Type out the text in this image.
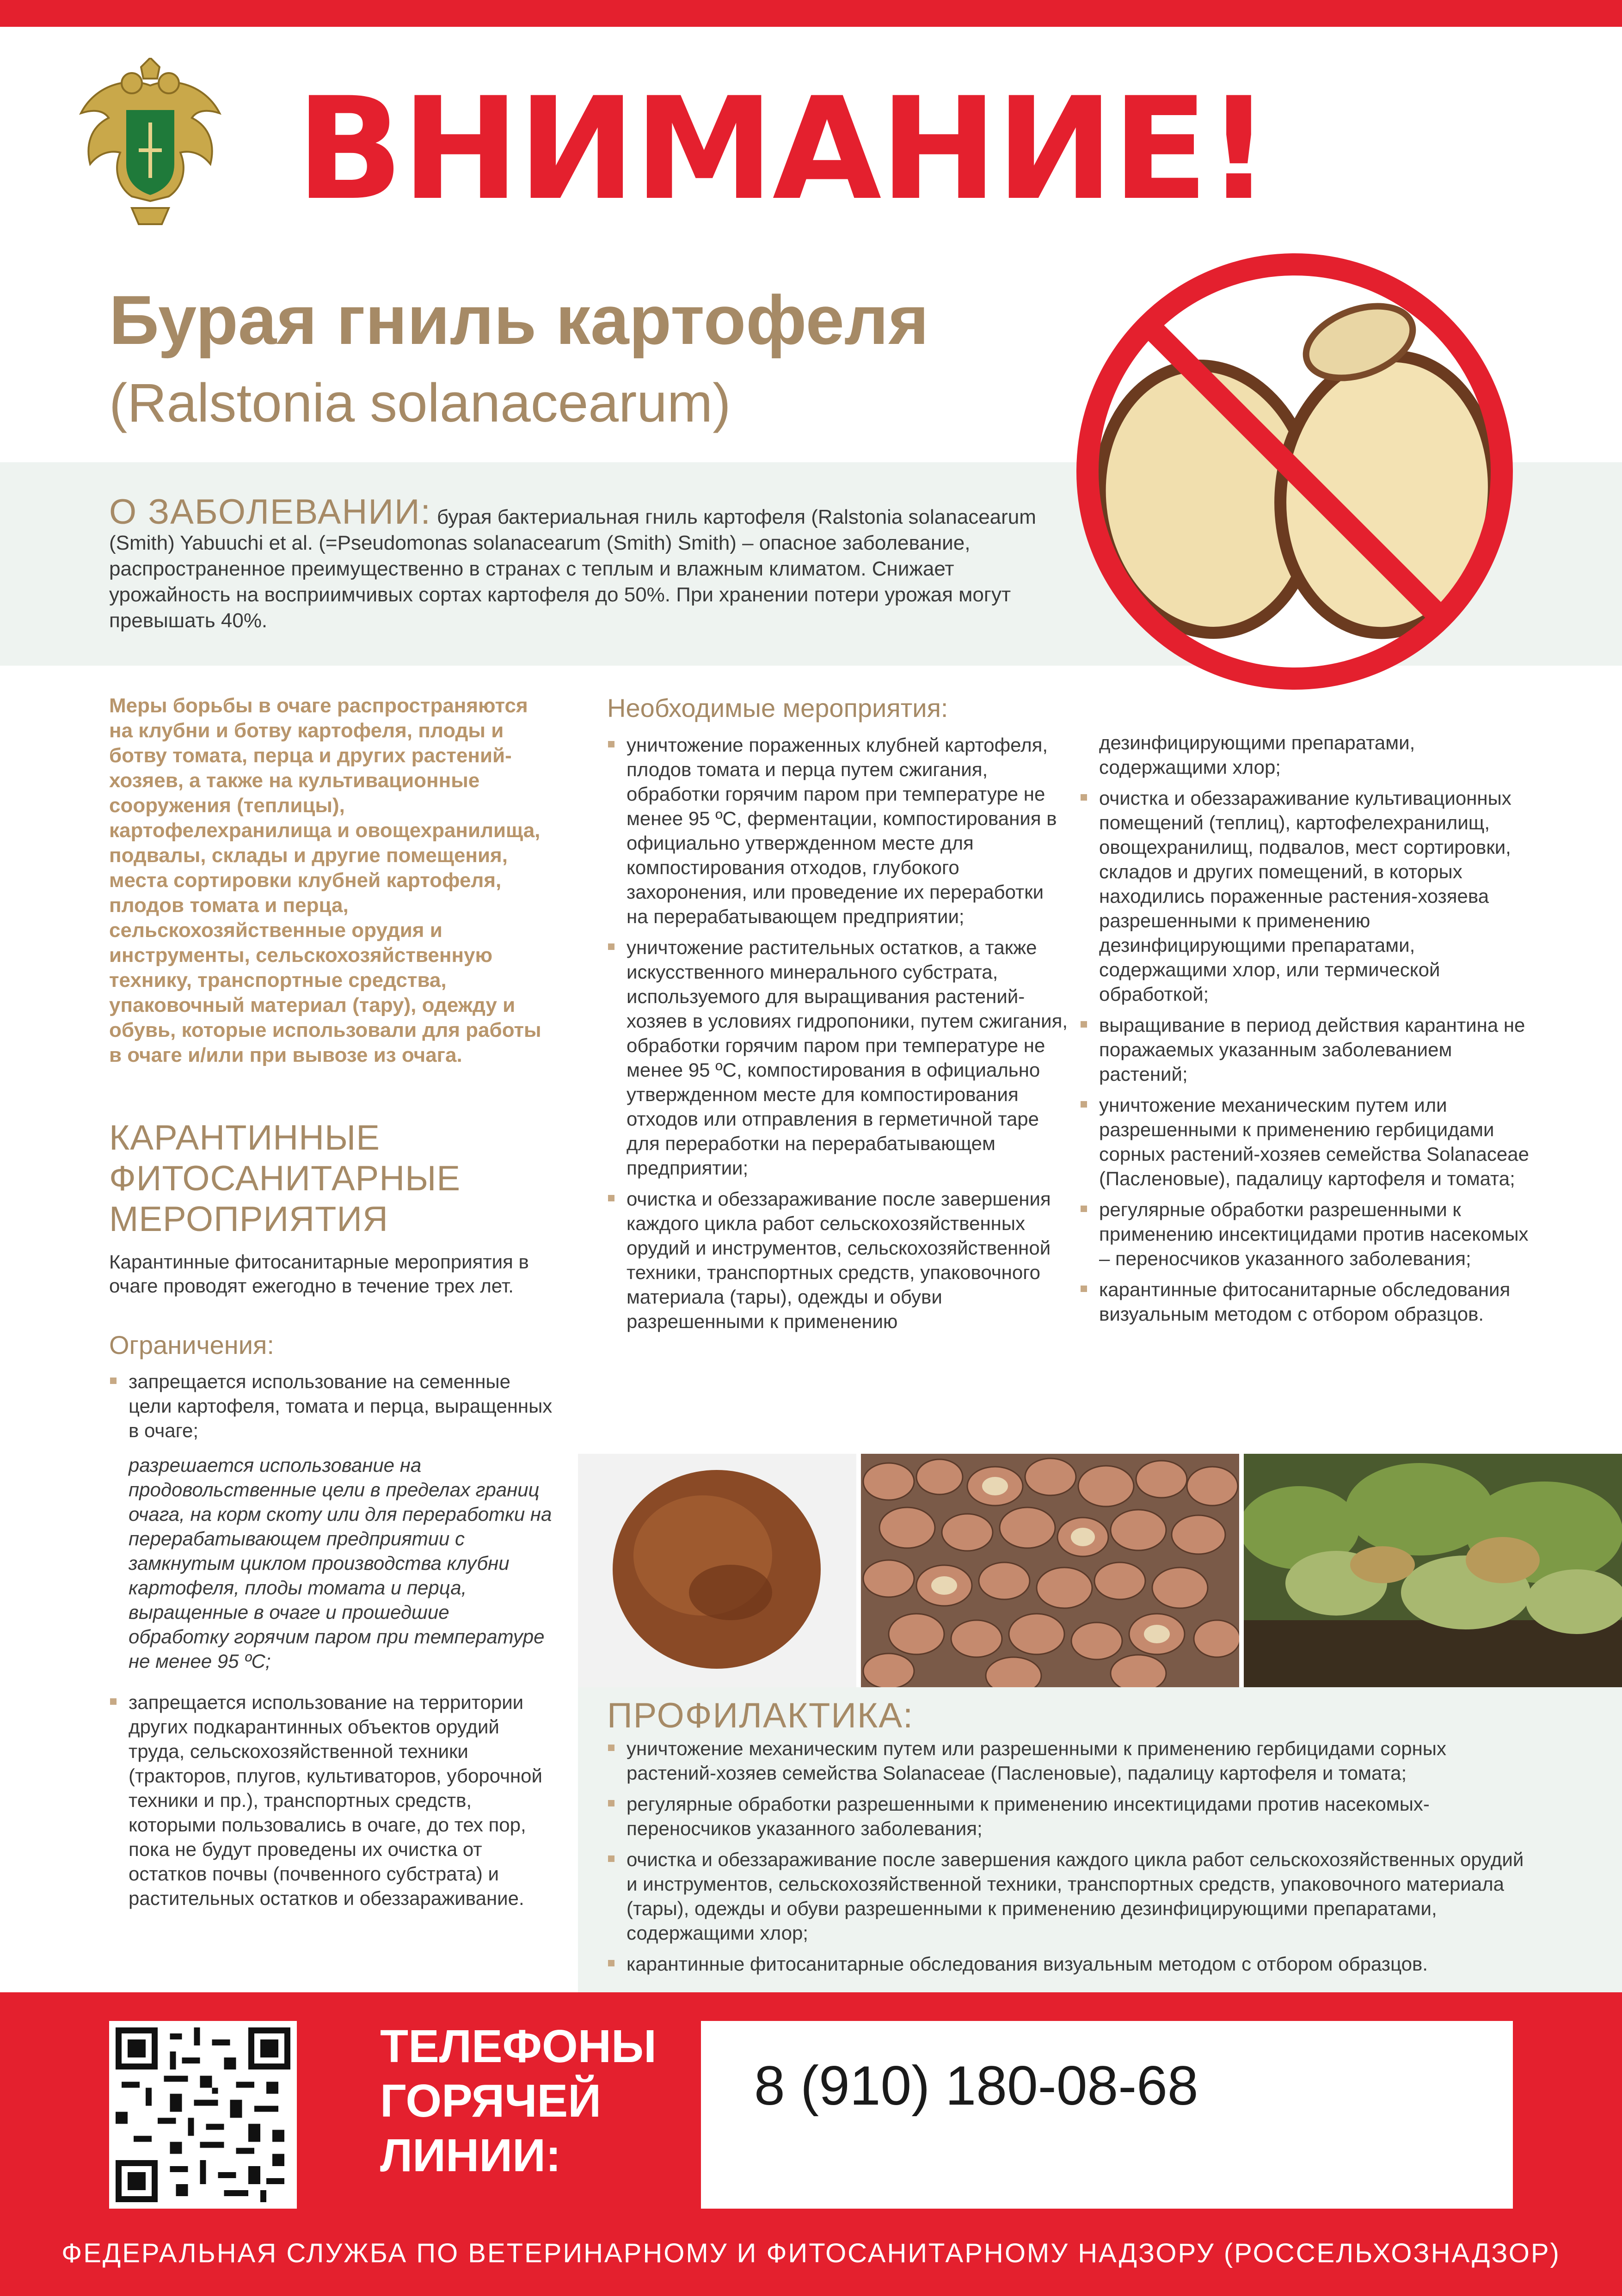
ВНИМАНИЕ!
Бурая гниль картофеля
(Ralstonia solanacearum)
О ЗАБОЛЕВАНИИ: бурая бактериальная гниль картофеля (Ralstonia solanacearum (Smith) Yabuuchi et al. (=Pseudomonas solanacearum (Smith) Smith) – опасное заболевание, распространенное преимущественно в странах с теплым и влажным климатом. Снижает урожайность на восприимчивых сортах картофеля до 50%. При хранении потери урожая могут превышать 40%.
Меры борьбы в очаге распространяются на клубни и ботву картофеля, плоды и ботву томата, перца и других растений-хозяев, а также на культивационные сооружения (теплицы), картофелехранилища и овощехранилища, подвалы, склады и другие помещения, места сортировки клубней картофеля, плодов томата и перца, сельскохозяйственные орудия и инструменты, сельскохозяйственную технику, транспортные средства, упаковочный материал (тару), одежду и обувь, которые использовали для работы в очаге и/или при вывозе из очага.
КАРАНТИННЫЕ ФИТОСАНИТАРНЫЕ МЕРОПРИЯТИЯ
Карантинные фитосанитарные мероприятия в очаге проводят ежегодно в течение трех лет.
Ограничения:
запрещается использование на семенные цели картофеля, томата и перца, выращенных в очаге;
разрешается использование на продовольственные цели в пределах границ очага, на корм скоту или для переработки на перерабатывающем предприятии с замкнутым циклом производства клубни картофеля, плоды томата и перца, выращенные в очаге и прошедшие обработку горячим паром при температуре не менее 95 ºС;
запрещается использование на территории других подкарантинных объектов орудий труда, сельскохозяйственной техники (тракторов, плугов, культиваторов, уборочной техники и пр.), транспортных средств, которыми пользовались в очаге, до тех пор, пока не будут проведены их очистка от остатков почвы (почвенного субстрата) и растительных остатков и обеззараживание.
Необходимые мероприятия:
уничтожение пораженных клубней картофеля, плодов томата и перца путем сжигания, обработки горячим паром при температуре не менее 95 ºС, ферментации, компостирования в официально утвержденном месте для компостирования отходов, глубокого захоронения, или проведение их переработки на перерабатывающем предприятии;
уничтожение растительных остатков, а также искусственного минерального субстрата, используемого для выращивания растений-хозяев в условиях гидропоники, путем сжигания, обработки горячим паром при температуре не менее 95 ºС, компостирования в официально утвержденном месте для компостирования отходов или отправления в герметичной таре для переработки на перерабатывающем предприятии;
очистка и обеззараживание после завершения каждого цикла работ сельскохозяйственных орудий и инструментов, сельскохозяйственной техники, транспортных средств, упаковочного материала (тары), одежды и обуви разрешенными к применению
дезинфицирующими препаратами, содержащими хлор;
очистка и обеззараживание культивационных помещений (теплиц), картофелехранилищ, овощехранилищ, подвалов, мест сортировки, складов и других помещений, в которых находились пораженные растения-хозяева разрешенными к применению дезинфицирующими препаратами, содержащими хлор, или термической обработкой;
выращивание в период действия карантина не поражаемых указанным заболеванием растений;
уничтожение механическим путем или разрешенными к применению гербицидами сорных растений-хозяев семейства Solanaceae (Пасленовые), падалицу картофеля и томата;
регулярные обработки разрешенными к применению инсектицидами против насекомых – переносчиков указанного заболевания;
карантинные фитосанитарные обследования визуальным методом с отбором образцов.
ПРОФИЛАКТИКА:
уничтожение механическим путем или разрешенными к применению гербицидами сорных растений-хозяев семейства Solanaceae (Пасленовые), падалицу картофеля и томата;
регулярные обработки разрешенными к применению инсектицидами против насекомых-переносчиков указанного заболевания;
очистка и обеззараживание после завершения каждого цикла работ сельскохозяйственных орудий и инструментов, сельскохозяйственной техники, транспортных средств, упаковочного материала (тары), одежды и обуви разрешенными к применению дезинфицирующими препаратами, содержащими хлор;
карантинные фитосанитарные обследования визуальным методом с отбором образцов.
ТЕЛЕФОНЫ
ГОРЯЧЕЙ
ЛИНИИ:
8 (910) 180-08-68
ФЕДЕРАЛЬНАЯ СЛУЖБА ПО ВЕТЕРИНАРНОМУ И ФИТОСАНИТАРНОМУ НАДЗОРУ (РОССЕЛЬХОЗНАДЗОР)
